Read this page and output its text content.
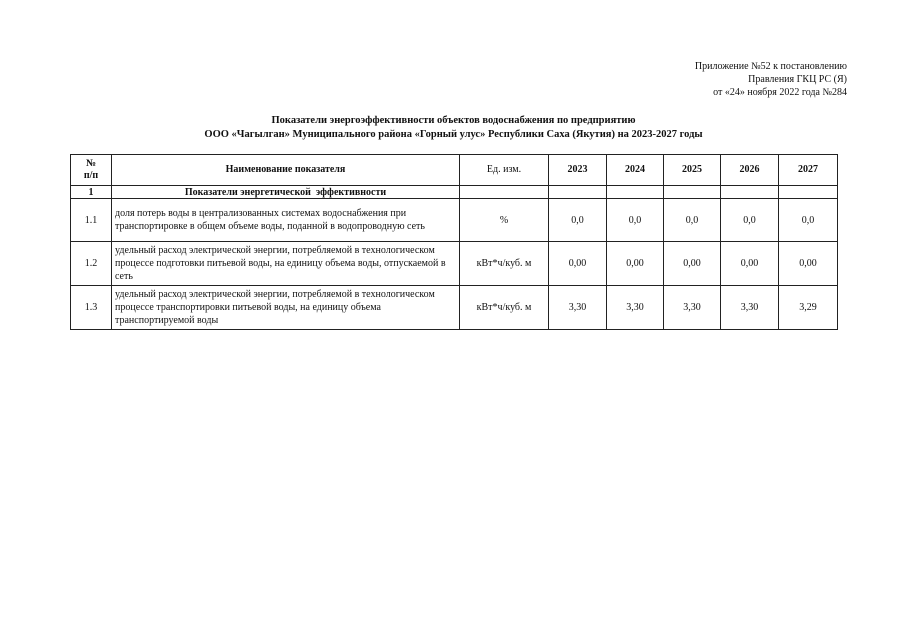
Приложение №52 к постановлению
Правления ГКЦ РС (Я)
от «24» ноября 2022 года №284
Показатели энергоэффективности объектов водоснабжения по предприятию
ООО «Чагылган» Муниципального района «Горный улус» Республики Саха (Якутия) на 2023-2027 годы
№
п/п	Наименование показателя	Ед. изм.	2023	2024	2025	2026	2027
1	Показатели энергетической  эффективности						
1.1	доля потерь воды в централизованных системах водоснабжения при транспортировке в общем объеме воды, поданной в водопроводную сеть	%	0,0	0,0	0,0	0,0	0,0
1.2	удельный расход электрической энергии, потребляемой в технологическом процессе подготовки питьевой воды, на единицу объема воды, отпускаемой в сеть	кВт*ч/куб. м	0,00	0,00	0,00	0,00	0,00
1.3	удельный расход электрической энергии, потребляемой в технологическом процессе транспортировки питьевой воды, на единицу объема транспортируемой воды	кВт*ч/куб. м	3,30	3,30	3,30	3,30	3,29
